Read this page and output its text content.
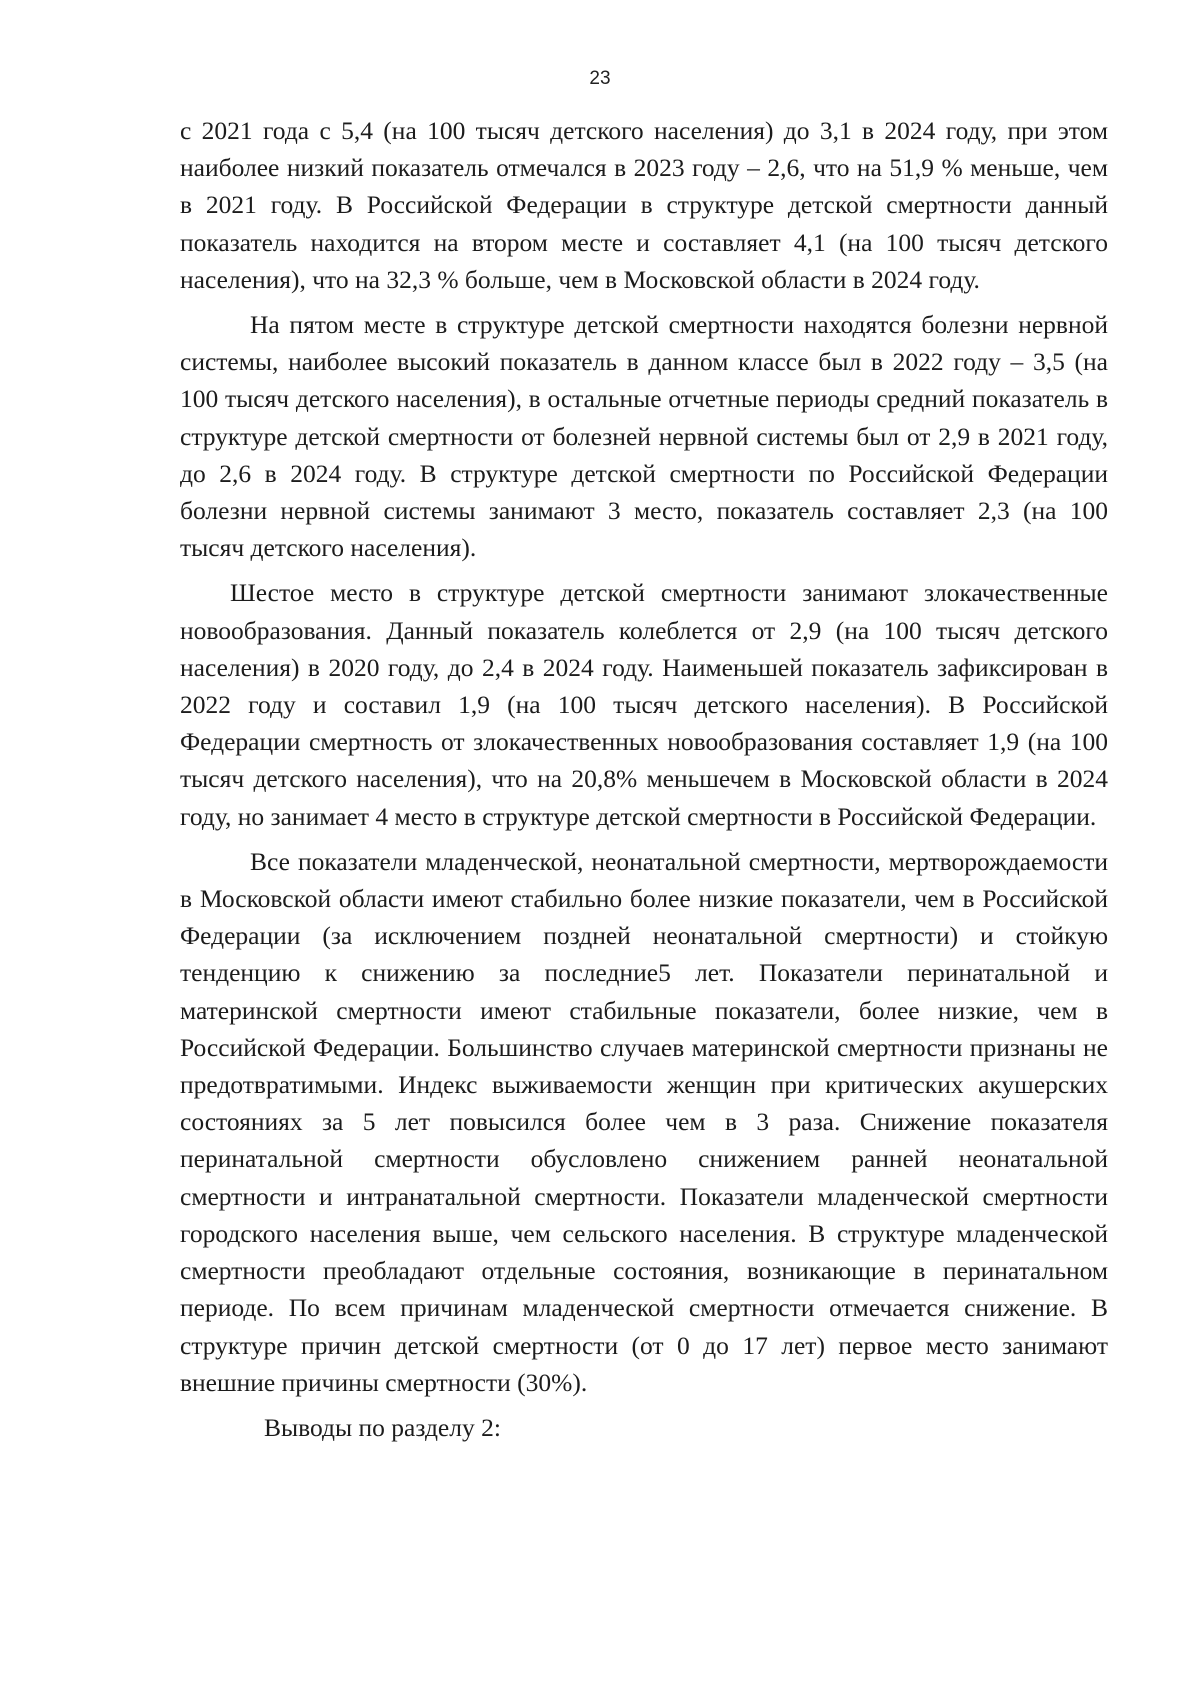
23

с 2021 года с 5,4 (на 100 тысяч детского населения) до 3,1 в 2024 году, при этом наиболее низкий показатель отмечался в 2023 году – 2,6, что на 51,9 % меньше, чем в 2021 году. В Российской Федерации в структуре детской смертности данный показатель находится на втором месте и составляет 4,1 (на 100 тысяч детского населения), что на 32,3 % больше, чем в Московской области в 2024 году.

На пятом месте в структуре детской смертности находятся болезни нервной системы, наиболее высокий показатель в данном классе был в 2022 году – 3,5 (на 100 тысяч детского населения), в остальные отчетные периоды средний показатель в структуре детской смертности от болезней нервной системы был от 2,9 в 2021 году, до 2,6 в 2024 году. В структуре детской смертности по Российской Федерации болезни нервной системы занимают 3 место, показатель составляет 2,3 (на 100 тысяч детского населения).

Шестое место в структуре детской смертности занимают злокачественные новообразования. Данный показатель колеблется от 2,9 (на 100 тысяч детского населения) в 2020 году, до 2,4 в 2024 году. Наименьшей показатель зафиксирован в 2022 году и составил 1,9 (на 100 тысяч детского населения). В Российской Федерации смертность от злокачественных новообразования составляет 1,9 (на 100 тысяч детского населения), что на 20,8% меньшечем в Московской области в 2024 году, но занимает 4 место в структуре детской смертности в Российской Федерации.

Все показатели младенческой, неонатальной смертности, мертворождаемости в Московской области имеют стабильно более низкие показатели, чем в Российской Федерации (за исключением поздней неонатальной смертности) и стойкую тенденцию к снижению за последние5 лет. Показатели перинатальной и материнской смертности имеют стабильные показатели, более низкие, чем в Российской Федерации. Большинство случаев материнской смертности признаны не предотвратимыми. Индекс выживаемости женщин при критических акушерских состояниях за 5 лет повысился более чем в 3 раза. Снижение показателя перинатальной смертности обусловлено снижением ранней неонатальной смертности и интранатальной смертности. Показатели младенческой смертности городского населения выше, чем сельского населения. В структуре младенческой смертности преобладают отдельные состояния, возникающие в перинатальном периоде. По всем причинам младенческой смертности отмечается снижение. В структуре причин детской смертности (от 0 до 17 лет) первое место занимают внешние причины смертности (30%).

Выводы по разделу 2:
